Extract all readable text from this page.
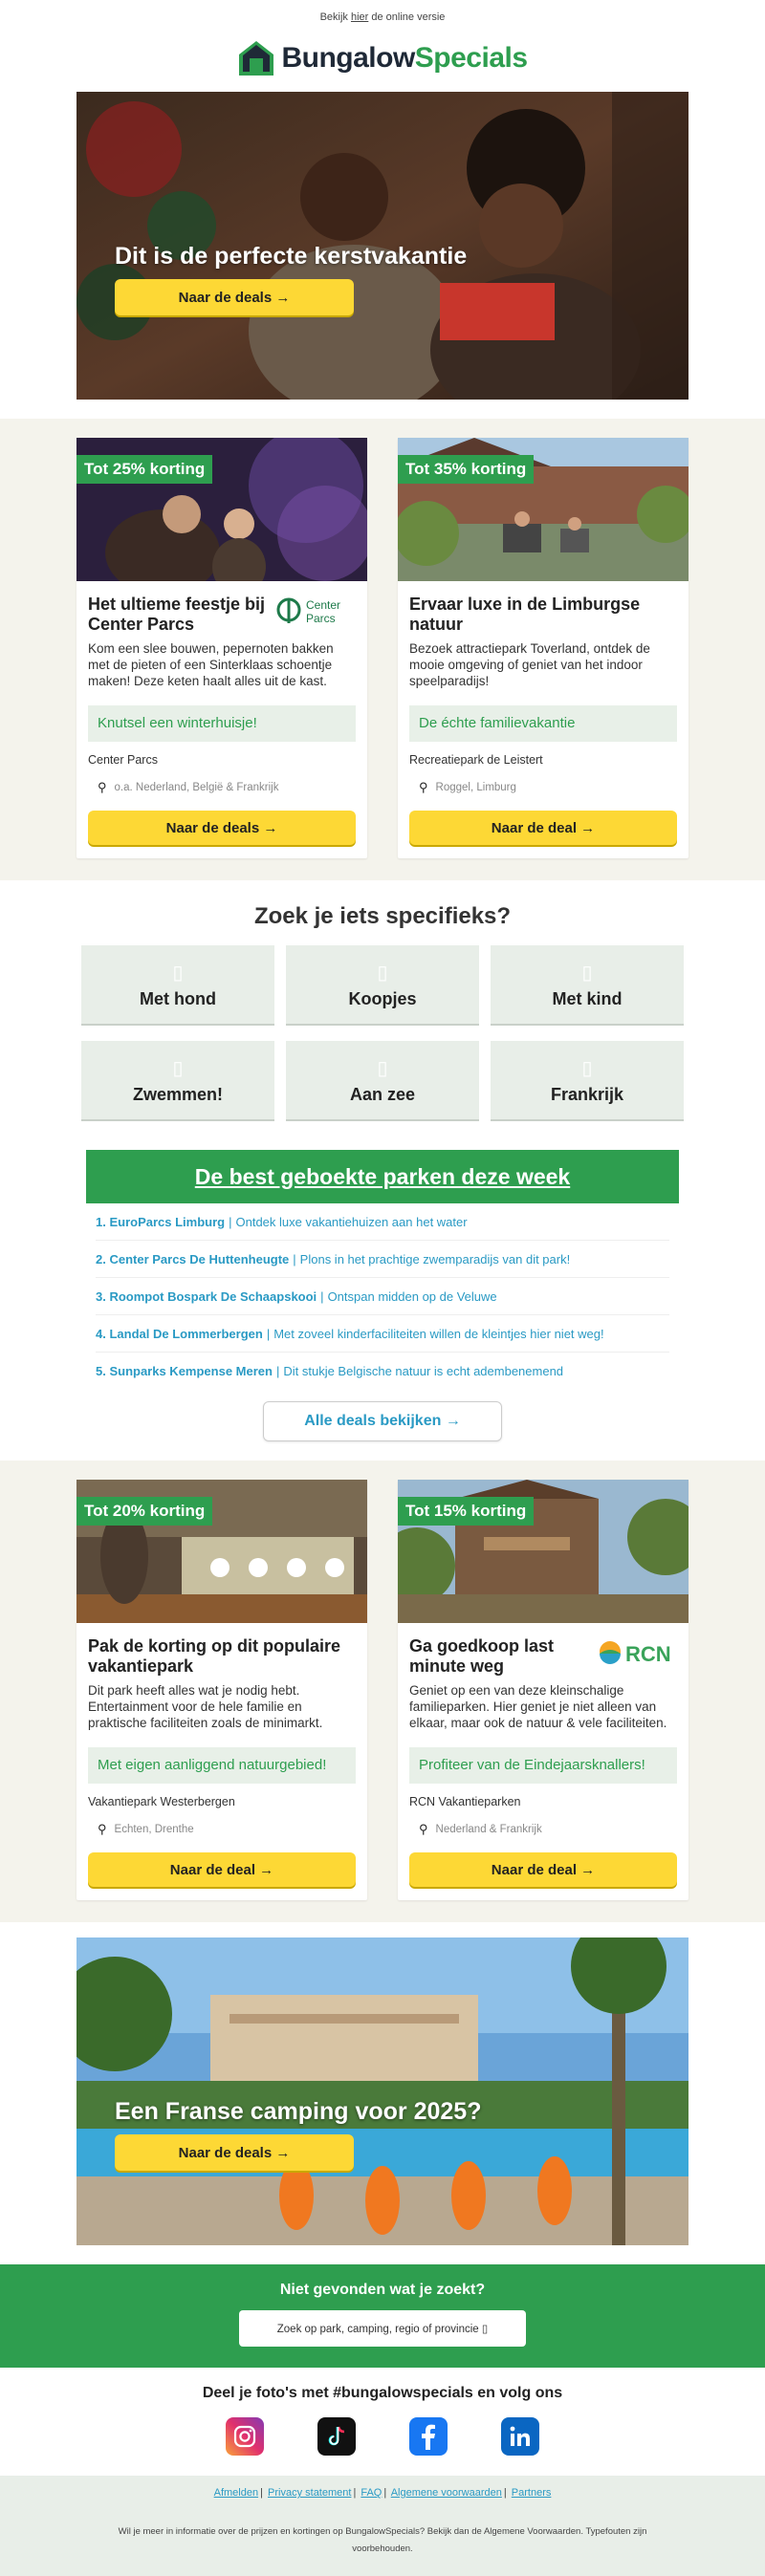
Bekijk hier de online versie
BungalowSpecials
Dit is de perfecte kerstvakantie
Naar de deals →
Tot 25% korting
Het ultieme feestje bij Center Parcs
Center
Parcs
Kom een slee bouwen, pepernoten bakken met de pieten of een Sinterklaas schoentje maken! Deze keten haalt alles uit de kast.
Knutsel een winterhuisje!
Center Parcs
⚲ o.a. Nederland, België & Frankrijk
Naar de deals →
Tot 35% korting
Ervaar luxe in de Limburgse natuur
Bezoek attractiepark Toverland, ontdek de mooie omgeving of geniet van het indoor speelparadijs!
De échte familievakantie
Recreatiepark de Leistert
⚲ Roggel, Limburg
Naar de deal →
Zoek je iets specifieks?
▯
Met hond
▯
Koopjes
▯
Met kind
▯
Zwemmen!
▯
Aan zee
▯
Frankrijk
De best geboekte parken deze week
1. EuroParcs Limburg | Ontdek luxe vakantiehuizen aan het water
2. Center Parcs De Huttenheugte | Plons in het prachtige zwemparadijs van dit park!
3. Roompot Bospark De Schaapskooi | Ontspan midden op de Veluwe
4. Landal De Lommerbergen | Met zoveel kinderfaciliteiten willen de kleintjes hier niet weg!
5. Sunparks Kempense Meren | Dit stukje Belgische natuur is echt adembenemend
Alle deals bekijken →
Tot 20% korting
Pak de korting op dit populaire vakantiepark
Dit park heeft alles wat je nodig hebt. Entertainment voor de hele familie en praktische faciliteiten zoals de minimarkt.
Met eigen aanliggend natuurgebied!
Vakantiepark Westerbergen
⚲ Echten, Drenthe
Naar de deal →
Tot 15% korting
Ga goedkoop last minute weg	RCN
Geniet op een van deze kleinschalige familieparken. Hier geniet je niet alleen van elkaar, maar ook de natuur & vele faciliteiten.
Profiteer van de Eindejaarsknallers!
RCN Vakantieparken
⚲ Nederland & Frankrijk
Naar de deal →
Een Franse camping voor 2025?
Naar de deals →
Niet gevonden wat je zoekt?
Zoek op park, camping, regio of provincie ▯
Deel je foto's met #bungalowspecials en volg ons
Afmelden | Privacy statement | FAQ | Algemene voorwaarden | Partners
Wil je meer in informatie over de prijzen en kortingen op BungalowSpecials? Bekijk dan de Algemene Voorwaarden. Typefouten zijn voorbehouden.
